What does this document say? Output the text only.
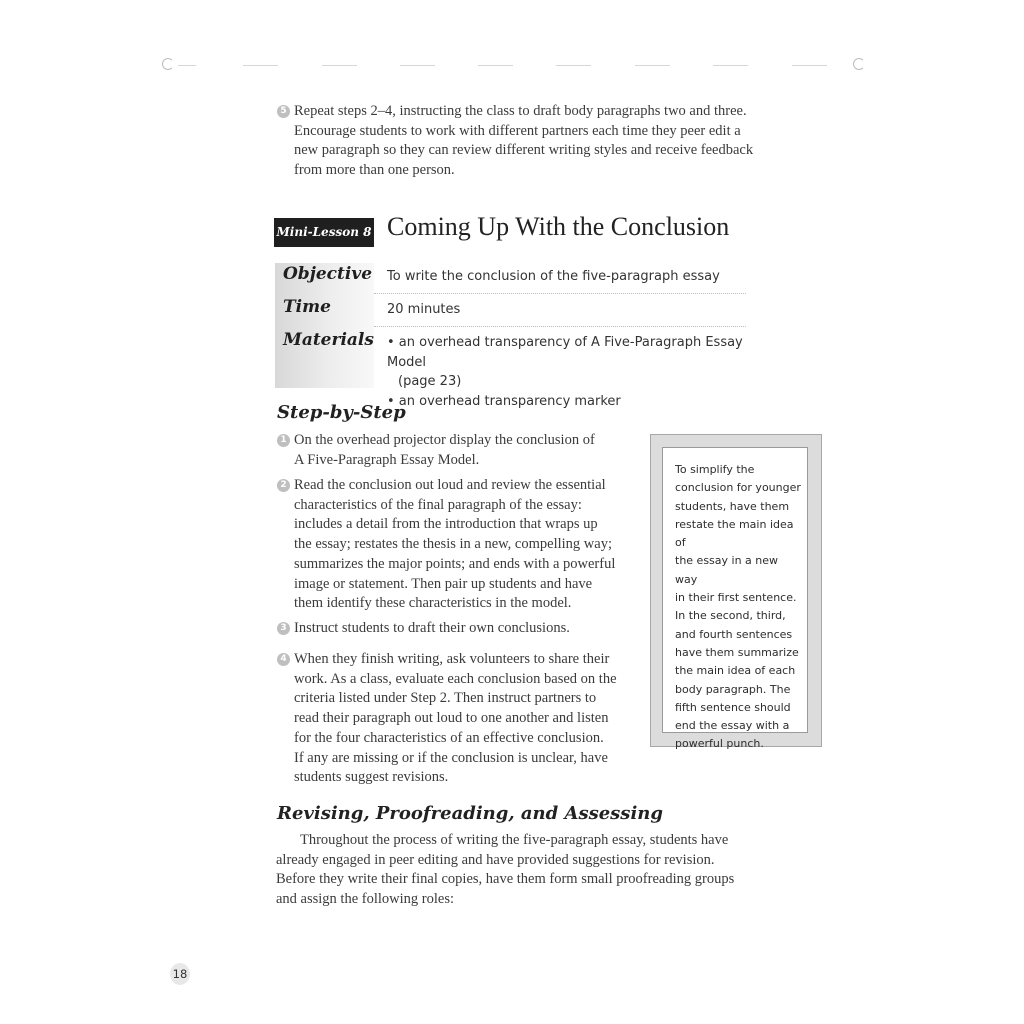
5 Repeat steps 2–4, instructing the class to draft body paragraphs two and three.
Encourage students to work with different partners each time they peer edit a
new paragraph so they can review different writing styles and receive feedback
from more than one person.
Mini-Lesson 8 Coming Up With the Conclusion
Objective To write the conclusion of the five-paragraph essay
Time	20 minutes
Materials • an overhead transparency of A Five-Paragraph Essay Model
(page 23)
• an overhead transparency marker
Step-by-Step
1 On the overhead projector display the conclusion of
A Five-Paragraph Essay Model.
2 Read the conclusion out loud and review the essential
characteristics of the final paragraph of the essay:
includes a detail from the introduction that wraps up
the essay; restates the thesis in a new, compelling way;
summarizes the major points; and ends with a powerful
image or statement. Then pair up students and have
them identify these characteristics in the model.
3 Instruct students to draft their own conclusions.
4 When they finish writing, ask volunteers to share their
work. As a class, evaluate each conclusion based on the
criteria listed under Step 2. Then instruct partners to
read their paragraph out loud to one another and listen
for the four characteristics of an effective conclusion.
If any are missing or if the conclusion is unclear, have
students suggest revisions.
To simplify the
conclusion for younger
students, have them
restate the main idea of
the essay in a new way
in their first sentence.
In the second, third,
and fourth sentences
have them summarize
the main idea of each
body paragraph. The
fifth sentence should
end the essay with a
powerful punch.
Revising, Proofreading, and Assessing
Throughout the process of writing the five-paragraph essay, students have
already engaged in peer editing and have provided suggestions for revision.
Before they write their final copies, have them form small proofreading groups
and assign the following roles:
18
